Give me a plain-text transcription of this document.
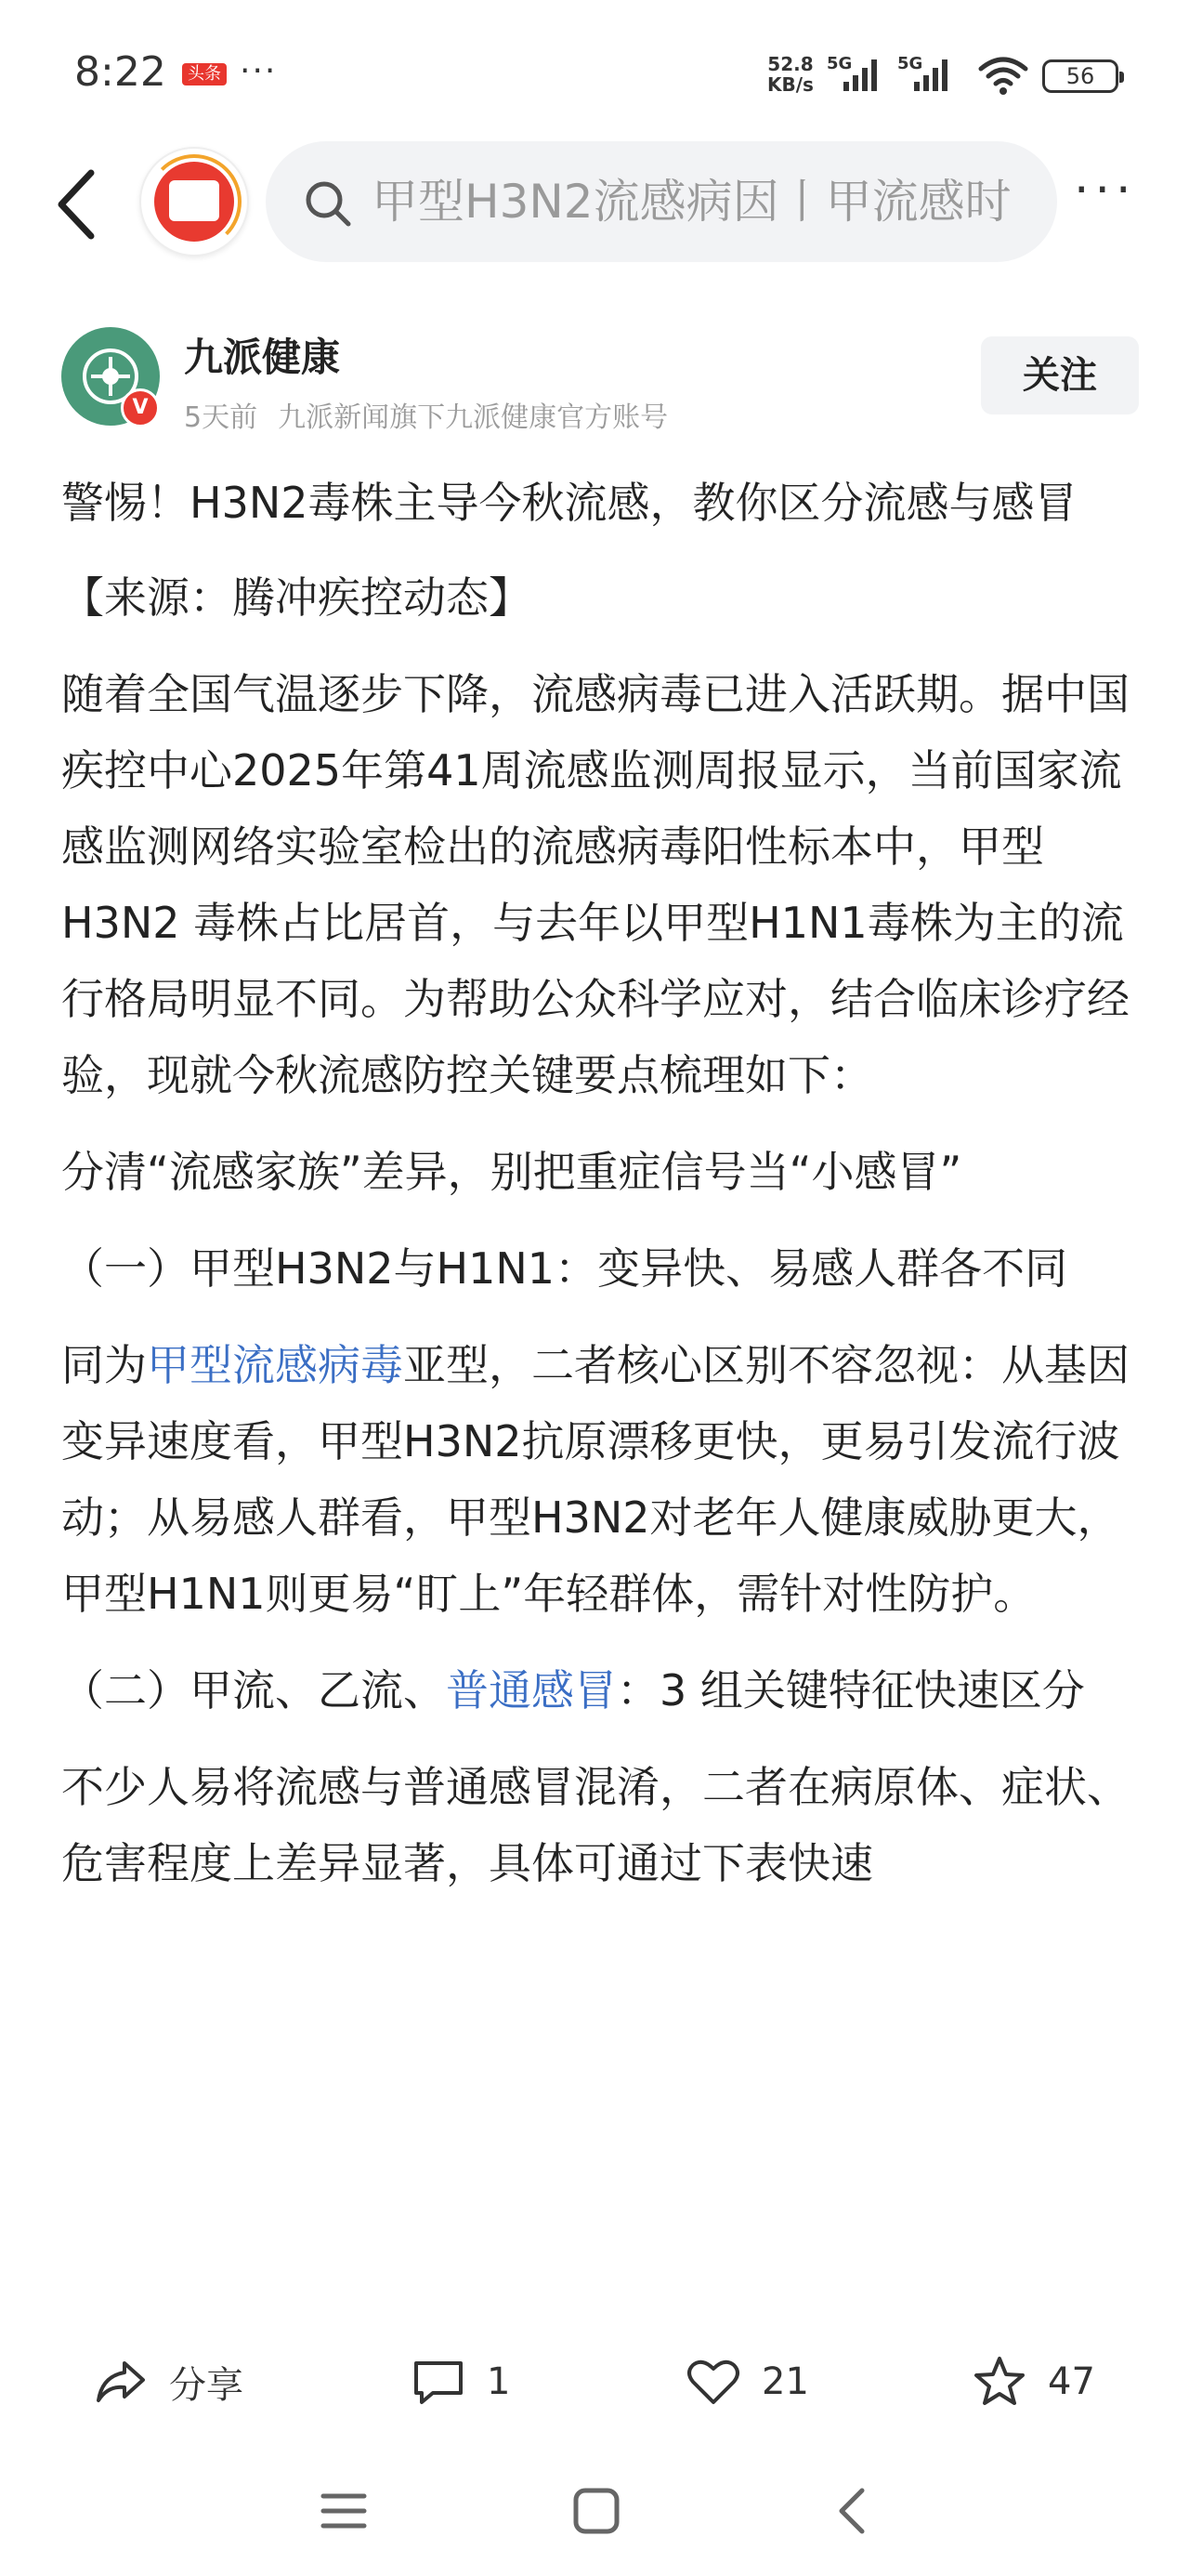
8:22	头条 ···	52.8
KB/s
5G	5G	56
甲型H3N2流感病因丨甲流感时	···
V
九派健康
5天前 九派新闻旗下九派健康官方账号
关注

警惕！H3N2毒株主导今秋流感，教你区分流感与感冒

【来源：腾冲疾控动态】

随着全国气温逐步下降，流感病毒已进入活跃期。据中国疾控中心2025年第41周流感监测周报显示，当前国家流感监测网络实验室检出的流感病毒阳性标本中，甲型H3N2 毒株占比居首，与去年以甲型H1N1毒株为主的流行格局明显不同。为帮助公众科学应对，结合临床诊疗经验，现就今秋流感防控关键要点梳理如下：

分清“流感家族”差异，别把重症信号当“小感冒”

（一）甲型H3N2与H1N1：变异快、易感人群各不同

同为甲型流感病毒亚型，二者核心区别不容忽视：从基因变异速度看，甲型H3N2抗原漂移更快，更易引发流行波动；从易感人群看，甲型H3N2对老年人健康威胁更大，甲型H1N1则更易“盯上”年轻群体，需针对性防护。

（二）甲流、乙流、普通感冒：3 组关键特征快速区分

不少人易将流感与普通感冒混淆，二者在病原体、症状、危害程度上差异显著，具体可通过下表快速

分享	1	21	47
